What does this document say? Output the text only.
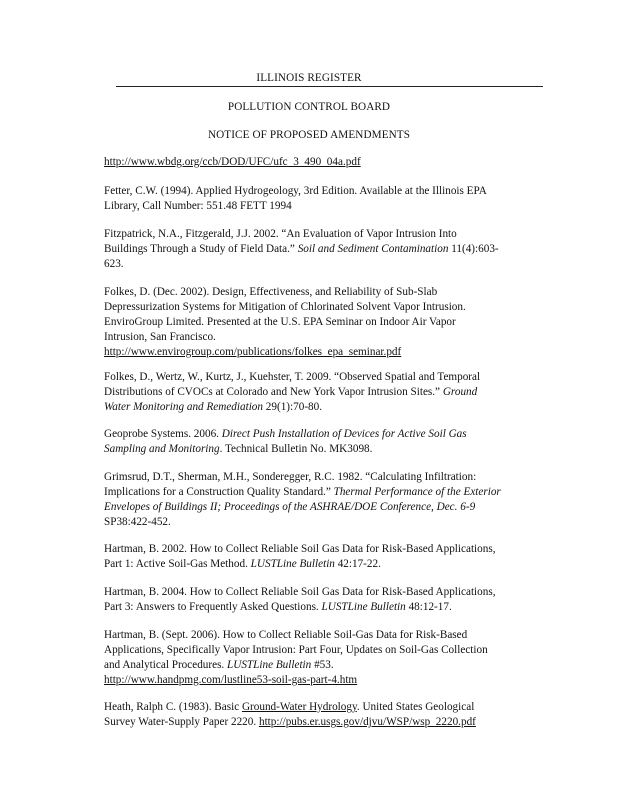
ILLINOIS REGISTER
POLLUTION CONTROL BOARD
NOTICE OF PROPOSED AMENDMENTS
http://www.wbdg.org/ccb/DOD/UFC/ufc_3_490_04a.pdf
Fetter, C.W. (1994). Applied Hydrogeology, 3rd Edition. Available at the Illinois EPA
Library, Call Number: 551.48 FETT 1994
Fitzpatrick, N.A., Fitzgerald, J.J. 2002. “An Evaluation of Vapor Intrusion Into
Buildings Through a Study of Field Data.” Soil and Sediment Contamination 11(4):603-
623.
Folkes, D. (Dec. 2002). Design, Effectiveness, and Reliability of Sub-Slab
Depressurization Systems for Mitigation of Chlorinated Solvent Vapor Intrusion.
EnviroGroup Limited. Presented at the U.S. EPA Seminar on Indoor Air Vapor
Intrusion, San Francisco.
http://www.envirogroup.com/publications/folkes_epa_seminar.pdf
Folkes, D., Wertz, W., Kurtz, J., Kuehster, T. 2009. “Observed Spatial and Temporal
Distributions of CVOCs at Colorado and New York Vapor Intrusion Sites.” Ground
Water Monitoring and Remediation 29(1):70-80.
Geoprobe Systems. 2006. Direct Push Installation of Devices for Active Soil Gas
Sampling and Monitoring. Technical Bulletin No. MK3098.
Grimsrud, D.T., Sherman, M.H., Sonderegger, R.C. 1982. “Calculating Infiltration:
Implications for a Construction Quality Standard.” Thermal Performance of the Exterior
Envelopes of Buildings II; Proceedings of the ASHRAE/DOE Conference, Dec. 6-9
SP38:422-452.
Hartman, B. 2002. How to Collect Reliable Soil Gas Data for Risk-Based Applications,
Part 1: Active Soil-Gas Method. LUSTLine Bulletin 42:17-22.
Hartman, B. 2004. How to Collect Reliable Soil Gas Data for Risk-Based Applications,
Part 3: Answers to Frequently Asked Questions. LUSTLine Bulletin 48:12-17.
Hartman, B. (Sept. 2006). How to Collect Reliable Soil-Gas Data for Risk-Based
Applications, Specifically Vapor Intrusion: Part Four, Updates on Soil-Gas Collection
and Analytical Procedures. LUSTLine Bulletin #53.
http://www.handpmg.com/lustline53-soil-gas-part-4.htm
Heath, Ralph C. (1983). Basic Ground-Water Hydrology. United States Geological
Survey Water-Supply Paper 2220. http://pubs.er.usgs.gov/djvu/WSP/wsp_2220.pdf
